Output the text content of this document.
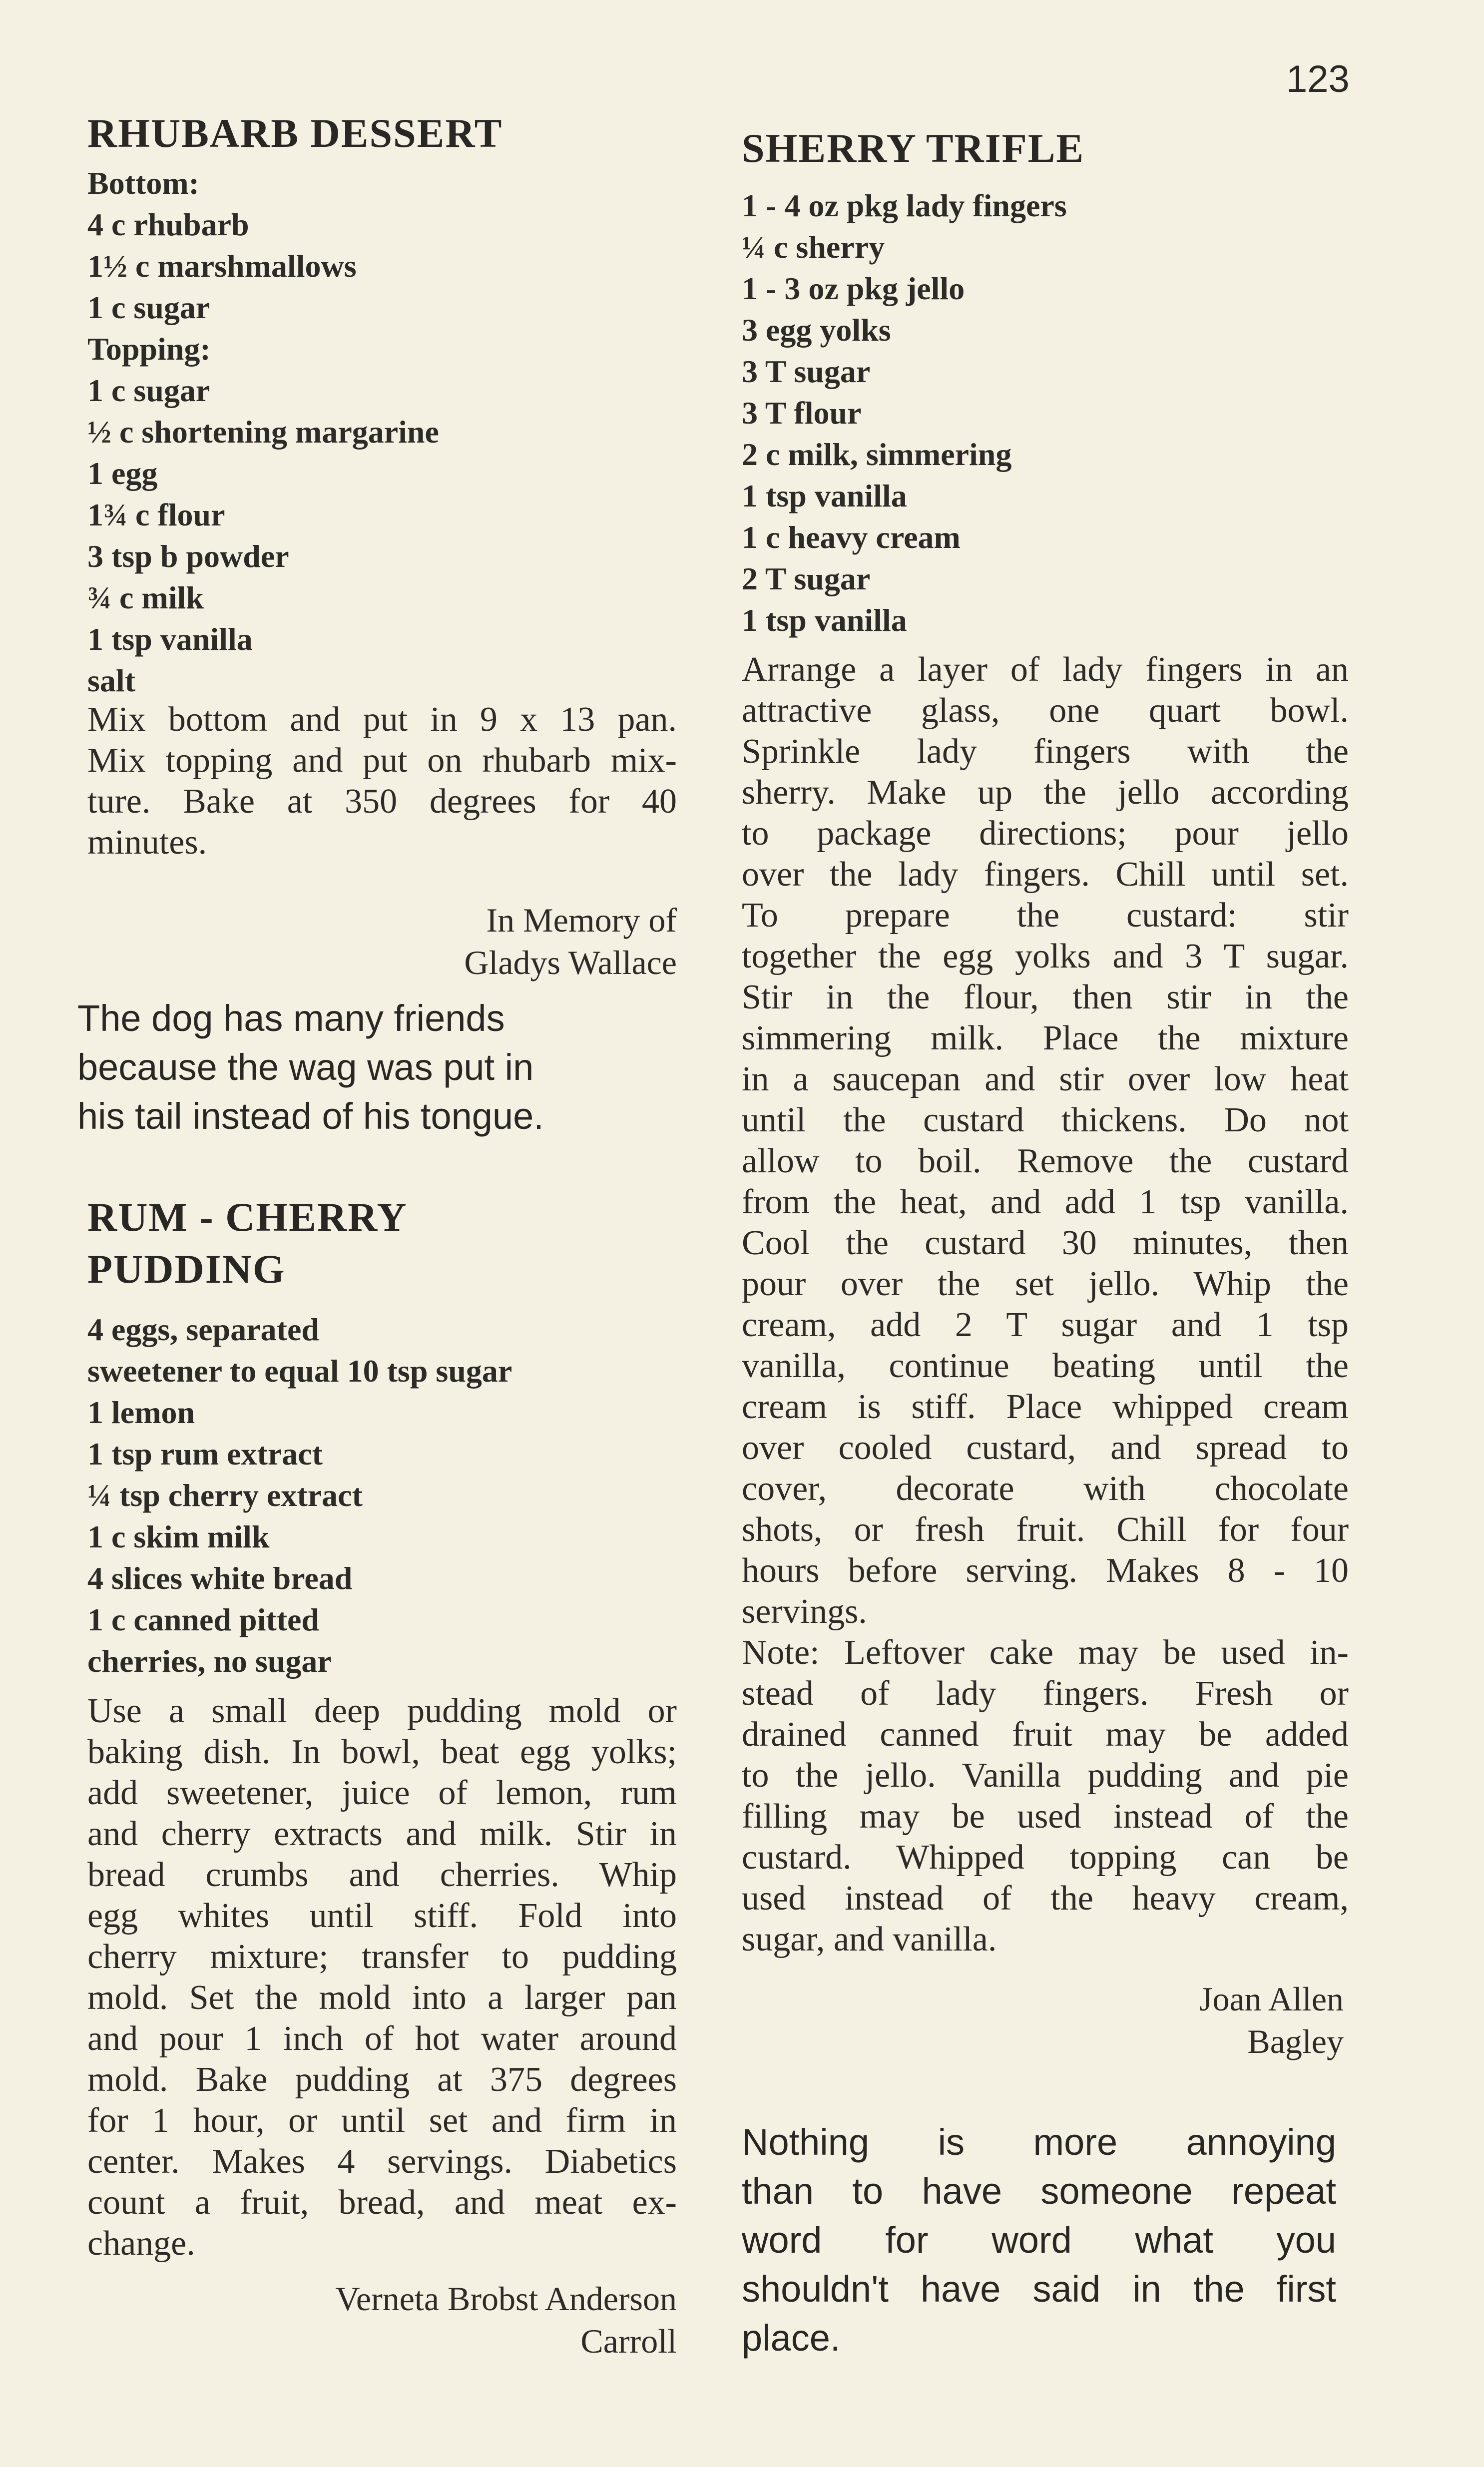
123
RHUBARB DESSERT
Bottom:
4 c rhubarb
1½ c marshmallows
1 c sugar
Topping:
1 c sugar
½ c shortening margarine
1 egg
1¾ c flour
3 tsp b powder
¾ c milk
1 tsp vanilla
salt
Mix bottom and put in 9 x 13 pan.
Mix topping and put on rhubarb mix-
ture. Bake at 350 degrees for 40
minutes.
In Memory of
Gladys Wallace
The dog has many friends
because the wag was put in
his tail instead of his tongue.
RUM - CHERRY
PUDDING
4 eggs, separated
sweetener to equal 10 tsp sugar
1 lemon
1 tsp rum extract
¼ tsp cherry extract
1 c skim milk
4 slices white bread
1 c canned pitted
cherries, no sugar
Use a small deep pudding mold or
baking dish. In bowl, beat egg yolks;
add sweetener, juice of lemon, rum
and cherry extracts and milk. Stir in
bread crumbs and cherries. Whip
egg whites until stiff. Fold into
cherry mixture; transfer to pudding
mold. Set the mold into a larger pan
and pour 1 inch of hot water around
mold. Bake pudding at 375 degrees
for 1 hour, or until set and firm in
center. Makes 4 servings. Diabetics
count a fruit, bread, and meat ex-
change.
Verneta Brobst Anderson
Carroll
SHERRY TRIFLE
1 - 4 oz pkg lady fingers
¼ c sherry
1 - 3 oz pkg jello
3 egg yolks
3 T sugar
3 T flour
2 c milk, simmering
1 tsp vanilla
1 c heavy cream
2 T sugar
1 tsp vanilla
Arrange a layer of lady fingers in an
attractive glass, one quart bowl.
Sprinkle lady fingers with the
sherry. Make up the jello according
to package directions; pour jello
over the lady fingers. Chill until set.
To prepare the custard: stir
together the egg yolks and 3 T sugar.
Stir in the flour, then stir in the
simmering milk. Place the mixture
in a saucepan and stir over low heat
until the custard thickens. Do not
allow to boil. Remove the custard
from the heat, and add 1 tsp vanilla.
Cool the custard 30 minutes, then
pour over the set jello. Whip the
cream, add 2 T sugar and 1 tsp
vanilla, continue beating until the
cream is stiff. Place whipped cream
over cooled custard, and spread to
cover, decorate with chocolate
shots, or fresh fruit. Chill for four
hours before serving. Makes 8 - 10
servings.
Note: Leftover cake may be used in-
stead of lady fingers. Fresh or
drained canned fruit may be added
to the jello. Vanilla pudding and pie
filling may be used instead of the
custard. Whipped topping can be
used instead of the heavy cream,
sugar, and vanilla.
Joan Allen
Bagley
Nothing is more annoying
than to have someone repeat
word for word what you
shouldn't have said in the first
place.
